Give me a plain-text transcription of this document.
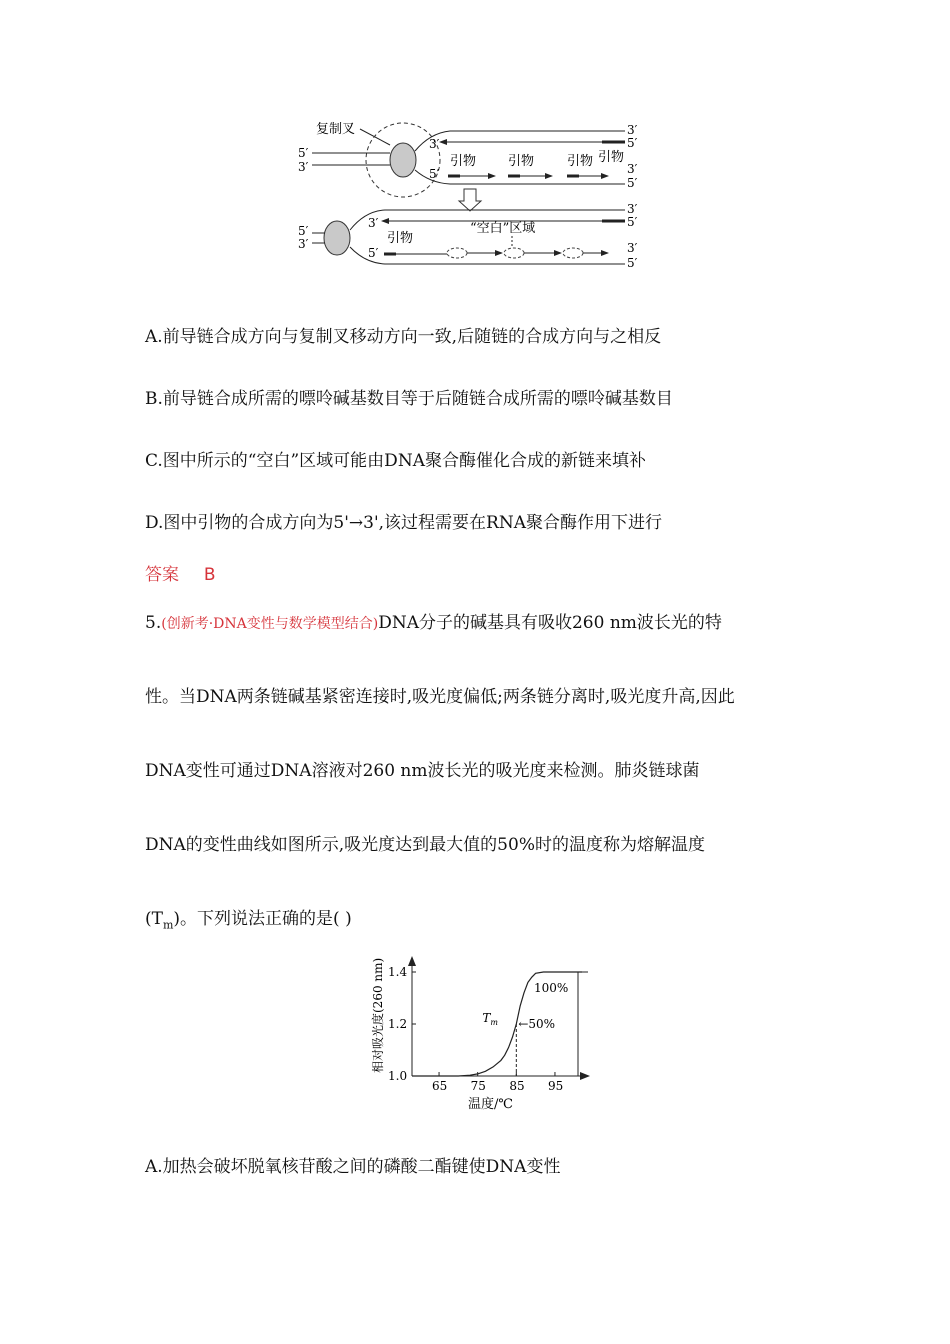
复制叉
5′
3′
3′
5′
3′
5′	3′
5′
引物 引物	引物 引物
5′
3′
3′
5′
3′
5′	3′
5′
引物
“空白”区域
A.前导链合成方向与复制叉移动方向一致,后随链的合成方向与之相反
B.前导链合成所需的嘌呤碱基数目等于后随链合成所需的嘌呤碱基数目
C.图中所示的“空白”区域可能由DNA聚合酶催化合成的新链来填补
D.图中引物的合成方向为5'→3',该过程需要在RNA聚合酶作用下进行
答案 B
5.(创新考·DNA变性与数学模型结合)DNA分子的碱基具有吸收260 nm波长光的特
性。当DNA两条链碱基紧密连接时,吸光度偏低;两条链分离时,吸光度升高,因此
DNA变性可通过DNA溶液对260 nm波长光的吸光度来检测。肺炎链球菌
DNA的变性曲线如图所示,吸光度达到最大值的50%时的温度称为熔解温度
$(T_m)$。下列说法正确的是( )
相对吸光度(260 nm)
65 75 85 95
1.0
1.2
1.4
100%
←50%
$T_m$
温度/℃
A.加热会破坏脱氧核苷酸之间的磷酸二酯键使DNA变性
